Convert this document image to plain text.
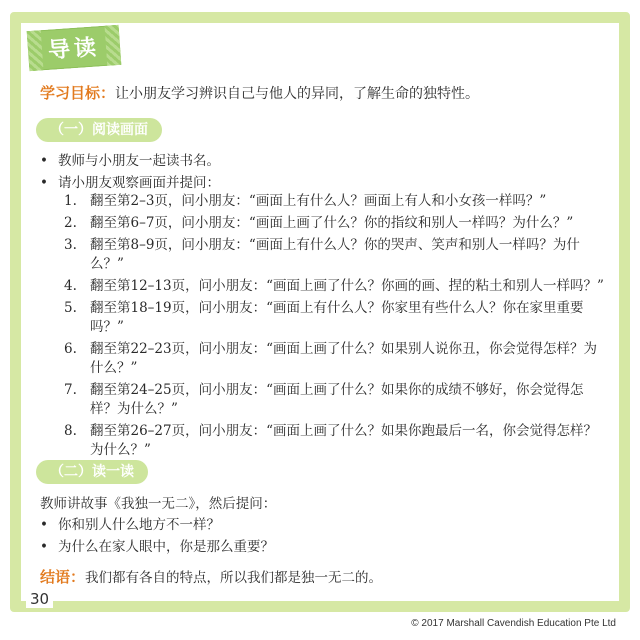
导读
学习目标：让小朋友学习辨识自己与他人的异同，了解生命的独特性。
（一）阅读画面
• 教师与小朋友一起读书名。
• 请小朋友观察画面并提问：
1. 翻至第2–3页，问小朋友：“画面上有什么人？画面上有人和小女孩一样吗？”
2. 翻至第6–7页，问小朋友：“画面上画了什么？你的指纹和别人一样吗？为什么？”
3. 翻至第8–9页，问小朋友：“画面上有什么人？你的哭声、笑声和别人一样吗？为什么？”
4. 翻至第12–13页，问小朋友：“画面上画了什么？你画的画、捏的粘土和别人一样吗？”
5. 翻至第18–19页，问小朋友：“画面上有什么人？你家里有些什么人？你在家里重要吗？”
6. 翻至第22–23页，问小朋友：“画面上画了什么？如果别人说你丑，你会觉得怎样？为什么？”
7. 翻至第24–25页，问小朋友：“画面上画了什么？如果你的成绩不够好，你会觉得怎样？为什么？”
8. 翻至第26–27页，问小朋友：“画面上画了什么？如果你跑最后一名，你会觉得怎样？为什么？”
（二）读一读
教师讲故事《我独一无二》，然后提问：
• 你和别人什么地方不一样？
• 为什么在家人眼中，你是那么重要？
结语：我们都有各自的特点，所以我们都是独一无二的。
30
© 2017 Marshall Cavendish Education Pte Ltd
